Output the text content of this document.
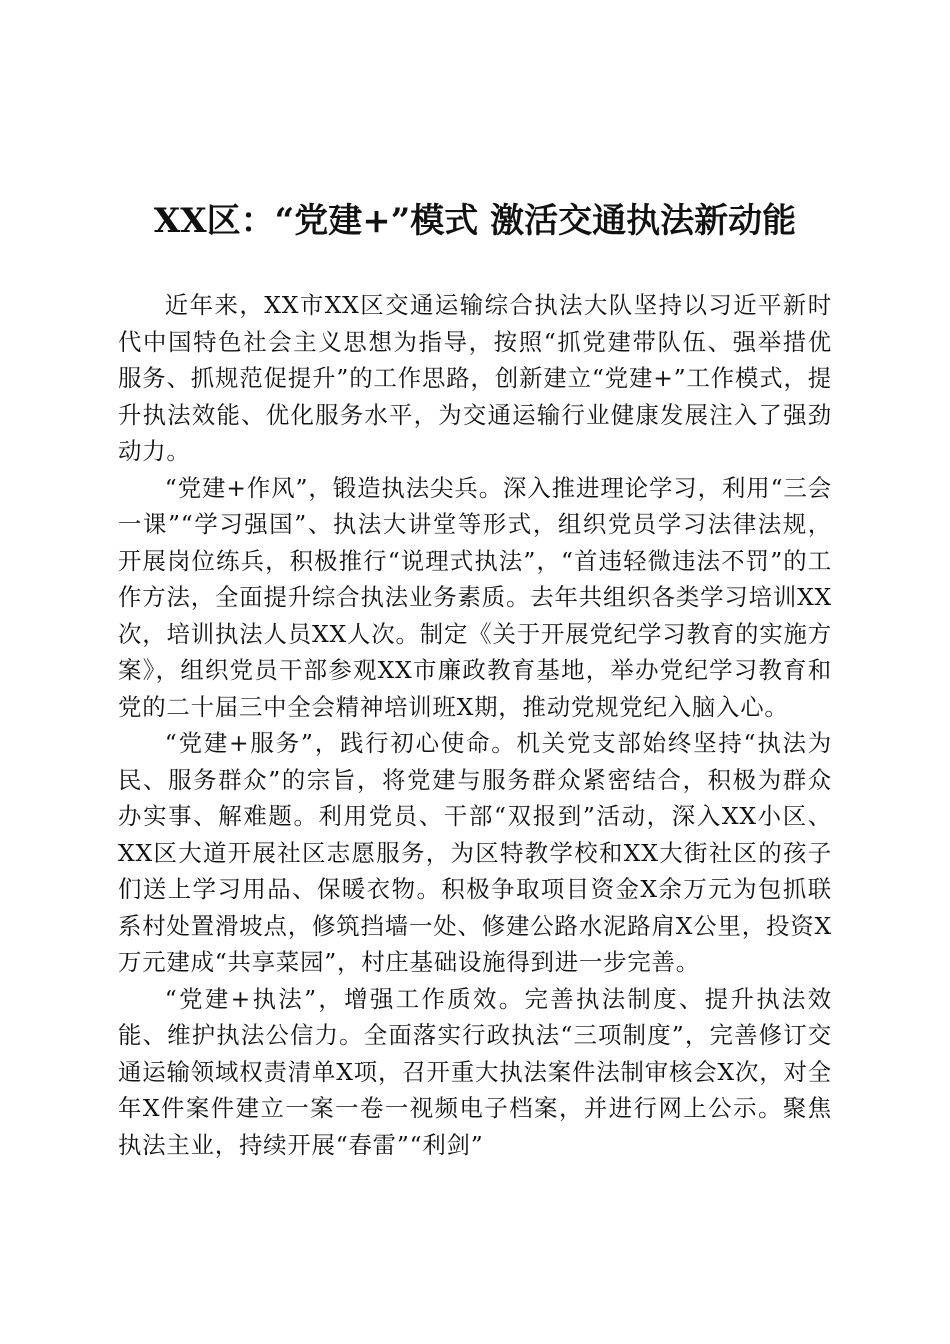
XX区：“党建+”模式 激活交通执法新动能

近年来，XX市XX区交通运输综合执法大队坚持以习近平新时代中国特色社会主义思想为指导，按照“抓党建带队伍、强举措优服务、抓规范促提升”的工作思路，创新建立“党建+”工作模式，提升执法效能、优化服务水平，为交通运输行业健康发展注入了强劲动力。

“党建+作风”，锻造执法尖兵。深入推进理论学习，利用“三会一课”“学习强国”、执法大讲堂等形式，组织党员学习法律法规，开展岗位练兵，积极推行“说理式执法”，“首违轻微违法不罚”的工作方法，全面提升综合执法业务素质。去年共组织各类学习培训XX次，培训执法人员XX人次。制定《关于开展党纪学习教育的实施方案》，组织党员干部参观XX市廉政教育基地，举办党纪学习教育和党的二十届三中全会精神培训班X期，推动党规党纪入脑入心。

“党建+服务”，践行初心使命。机关党支部始终坚持“执法为民、服务群众”的宗旨，将党建与服务群众紧密结合，积极为群众办实事、解难题。利用党员、干部“双报到”活动，深入XX小区、XX区大道开展社区志愿服务，为区特教学校和XX大街社区的孩子们送上学习用品、保暖衣物。积极争取项目资金X余万元为包抓联系村处置滑坡点，修筑挡墙一处、修建公路水泥路肩X公里，投资X万元建成“共享菜园”，村庄基础设施得到进一步完善。

“党建+执法”，增强工作质效。完善执法制度、提升执法效能、维护执法公信力。全面落实行政执法“三项制度”，完善修订交通运输领域权责清单X项，召开重大执法案件法制审核会X次，对全年X件案件建立一案一卷一视频电子档案，并进行网上公示。聚焦执法主业，持续开展“春雷”“利剑”
